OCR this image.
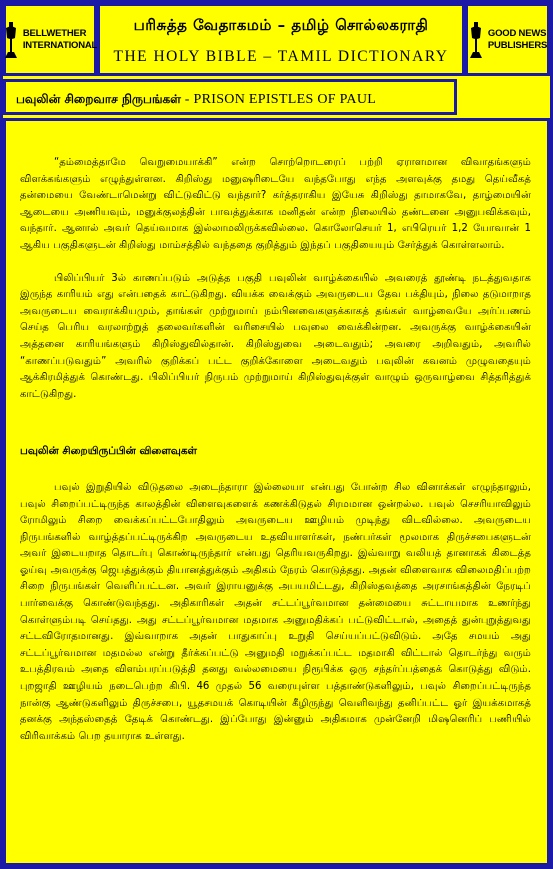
BELLWETHER
INTERNATIONAL
பரிசுத்த வேதாகமம் – தமிழ் சொல்லகராதி
THE HOLY BIBLE – TAMIL DICTIONARY
GOOD NEWS
PUBLISHERS
பவுலின் சிறைவாச நிருபங்கள் - PRISON EPISTLES OF PAUL

“தம்மைத்தாமே வெறுமையாக்கி” என்ற சொற்றொடரைப் பற்றி ஏராளமான விவாதங்களும் விளக்கங்களும் எழுந்துள்ளன. கிறிஸ்து மனுஷரிடையே வந்தபோது எந்த அளவுக்கு தமது தெய்வீகத் தன்மையை வேண்டாமென்று விட்டுவிட்டு வந்தார்? கர்த்தராகிய இயேசு கிறிஸ்து தாமாகவே, தாழ்மையின் ஆடையை அணியவும், மனுக்குலத்தின் பாவத்துக்காக மனிதன் என்ற நிலையில் தண்டனை அனுபவிக்கவும், வந்தார். ஆனால் அவர் தெய்வமாக இல்லாமலிருக்கவில்லை. கொலோசெயர் 1, எபிரெயர் 1,2 யோவான் 1 ஆகிய பகுதிகளுடன் கிறிஸ்து மாம்சத்தில் வந்ததை குறித்தும் இந்தப் பகுதியையும் சேர்த்துக் கொள்ளலாம்.

பிலிப்பியர் 3ல் காணப்படும் அடுத்த பகுதி பவுலின் வாழ்க்கையில் அவரைத் தூண்டி நடத்துவதாக இருந்த காரியம் எது என்பதைக் காட்டுகிறது. வியக்க வைக்கும் அவருடைய தேவ பக்தியும், நிலை தடுமாறாத அவருடைய வைராக்கியமும், தாங்கள் முற்றுமாய் நம்பினவைகளுக்காகத் தங்கள் வாழ்வையே அர்ப்பணம் செய்த பெரிய வரலாற்றுத் தலைவர்களின் வரிசையில் பவுலை வைக்கின்றன. அவருக்கு வாழ்க்கையின் அத்தனை காரியங்களும் கிறிஸ்துவில்தான். கிறிஸ்துவை அடைவதும்; அவரை அறிவதும், அவரில் “காணப்படுவதும்” அவரில் குறிக்கப் பட்ட குறிக்கோளை அடைவதும் பவுலின் கவனம் முழுவதையும் ஆக்கிரமித்துக் கொண்டது. பிலிப்பியர் நிருபம் முற்றுமாய் கிறிஸ்துவுக்குள் வாழும் ஒருவாழ்வை சித்தரித்துக் காட்டுகிறது.

பவுலின் சிறையிருப்பின் விளைவுகள்

பவுல் இறுதியில் விடுதலை அடைந்தாரா இல்லையா என்பது போன்ற சில வினாக்கள் எழுந்தாலும், பவுல் சிறைப்பட்டிருந்த காலத்தின் விளைவுகளைக் கணக்கிடுதல் சிரமமான ஒன்றல்ல. பவுல் செசரியாவிலும் ரோமிலும் சிறை வைக்கப்பட்டபோதிலும் அவருடைய ஊழியம் முடிந்து விடவில்லை. அவருடைய நிருபங்களில் வாழ்த்தப்பட்டிருக்கிற அவருடைய உதவியாளர்கள், நண்பர்கள் மூலமாக திருச்சபைகளுடன் அவர் இடையறாத தொடர்பு கொண்டிருந்தார் என்பது தெரியவருகிறது. இவ்வாறு வலியத் தானாகக் கிடைத்த ஓய்வு அவருக்கு ஜெபத்துக்கும் தியானத்துக்கும் அதிகம் நேரம் கொடுத்தது. அதன் விளைவாக விலைமதிப்பற்ற சிறை நிருபங்கள் வெளிப்பட்டன. அவர் இராயனுக்கு அபயமிட்டது, கிறிஸ்தவத்தை அரசாங்கத்தின் நேரடிப் பார்வைக்கு கொண்டுவந்தது. அதிகாரிகள் அதன் சட்டப்பூர்வமான தன்மையை சுட்டாயமாக உணர்ந்து கொள்ளும்படி செய்தது. அது சட்டப்பூர்வமான மதமாக அனுமதிக்கப் பட்டுவிட்டால், அதைத் துன்புறுத்துவது சட்டவிரோதமானது. இவ்வாறாக அதன் பாதுகாப்பு உறுதி செய்யப்பட்டுவிடும். அதே சமயம் அது சட்டப்பூர்வமான மதமல்ல என்று தீர்க்கப்பட்டு அனுமதி மறுக்கப்பட்ட மதமாகி விட்டால் தொடர்ந்து வரும் உபத்திரவம் அதை விளம்பரப்படுத்தி தனது வல்லமையை நிரூபிக்க ஒரு சந்தர்ப்பத்தைக் கொடுத்து விடும். புறஜாதி ஊழியம் நடைபெற்ற கிபி. 46 முதல் 56 வரையுள்ள பத்தாண்டுகளிலும், பவுல் சிறைப்பட்டிருந்த நான்கு ஆண்டுகளிலும் திருச்சபை, யூதசமயக் கொடியின் கீழிருந்து வெளிவந்து தனிப்பட்ட ஓர் இயக்கமாகத் தனக்கு அந்தஸ்தைத் தேடிக் கொண்டது. இப்போது இன்னும் அதிகமாக முன்னேறி மிஷனெரிப் பணியில் விரிவாக்கம் பெற தயாராக உள்ளது.
